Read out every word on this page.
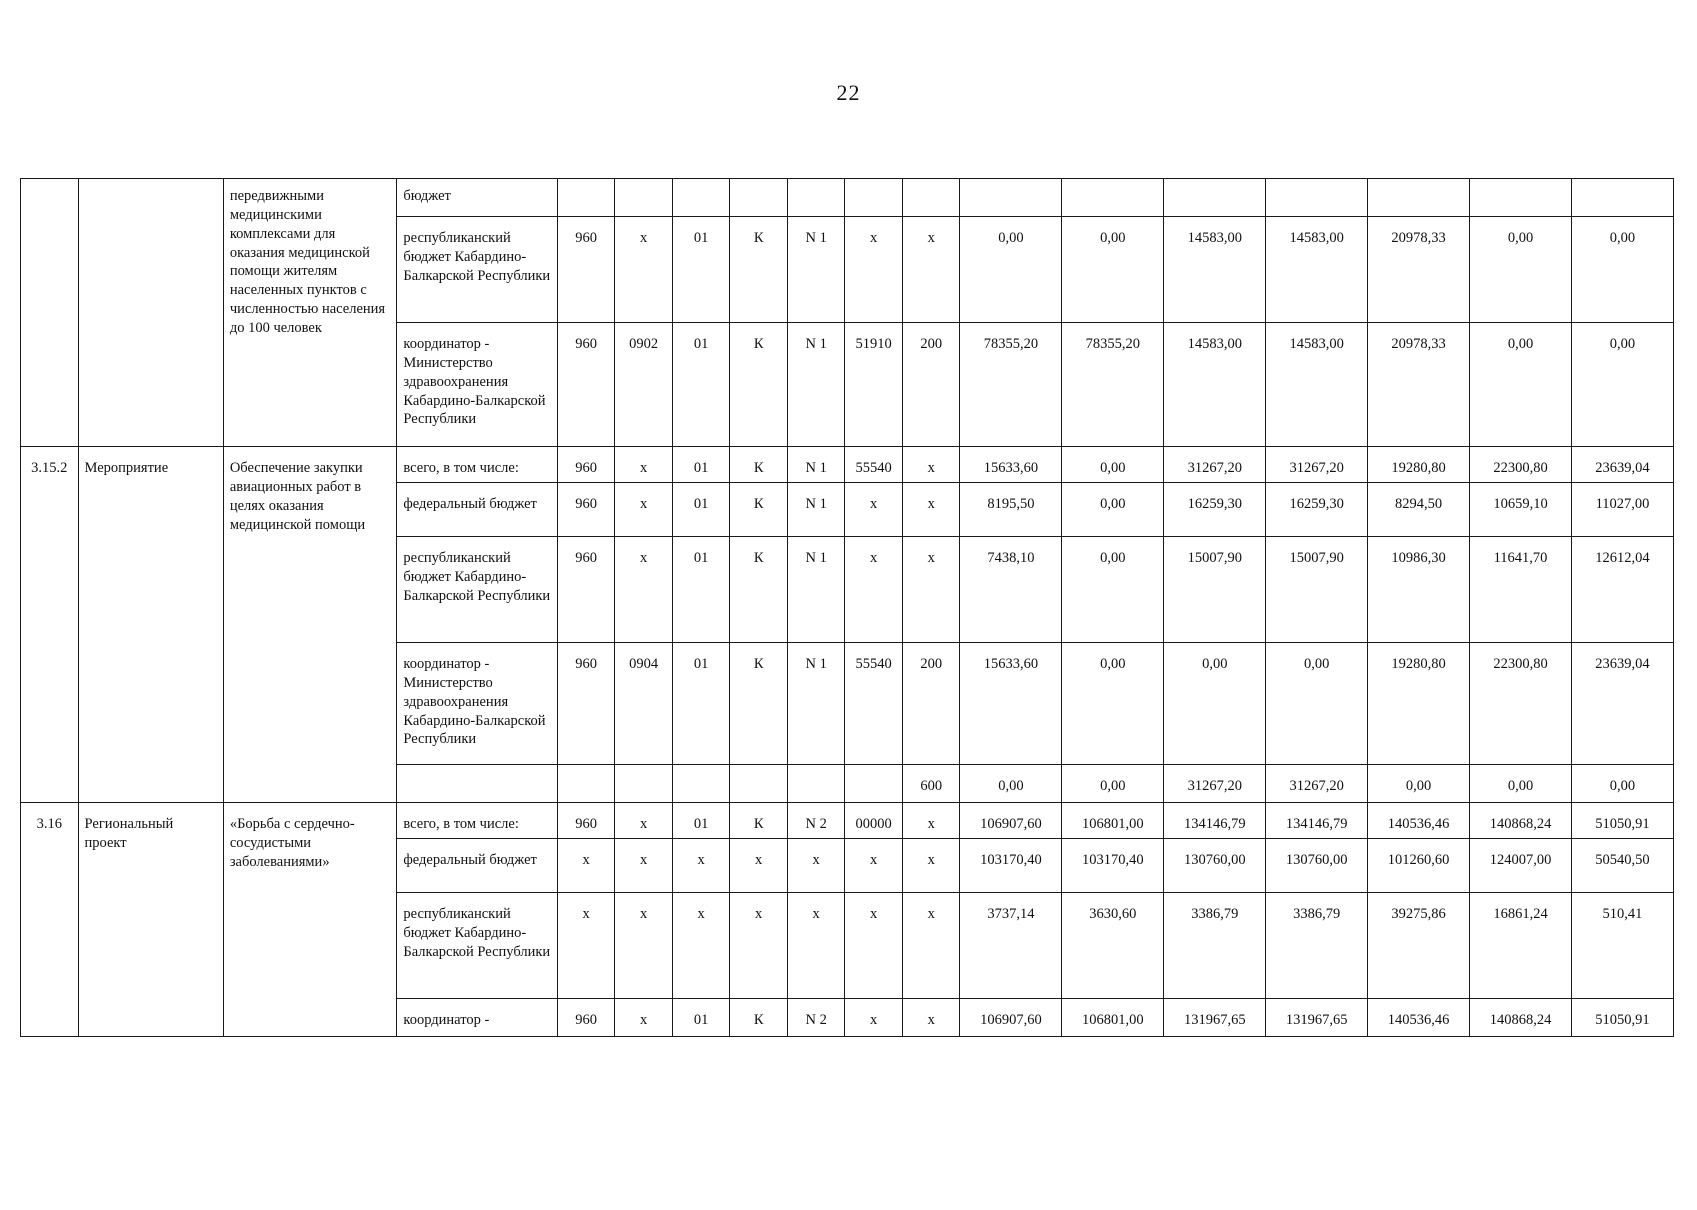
22
		передвижными медицинскими комплексами для оказания медицинской помощи жителям населенных пунктов с численностью населения до 100 человек	бюджет														
			республиканский бюджет Кабардино-Балкарской Республики	960	х	01	К	N 1	х	х	0,00	0,00	14583,00	14583,00	20978,33	0,00	0,00
			координатор - Министерство здравоохранения Кабардино-Балкарской Республики	960	0902	01	К	N 1	51910	200	78355,20	78355,20	14583,00	14583,00	20978,33	0,00	0,00
3.15.2	Мероприятие	Обеспечение закупки авиационных работ в целях оказания медицинской помощи	всего, в том числе:	960	х	01	К	N 1	55540	х	15633,60	0,00	31267,20	31267,20	19280,80	22300,80	23639,04
			федеральный бюджет	960	х	01	К	N 1	х	х	8195,50	0,00	16259,30	16259,30	8294,50	10659,10	11027,00
			республиканский бюджет Кабардино-Балкарской Республики	960	х	01	К	N 1	х	х	7438,10	0,00	15007,90	15007,90	10986,30	11641,70	12612,04
			координатор - Министерство здравоохранения Кабардино-Балкарской Республики	960	0904	01	К	N 1	55540	200	15633,60	0,00	0,00	0,00	19280,80	22300,80	23639,04
										600	0,00	0,00	31267,20	31267,20	0,00	0,00	0,00
3.16	Региональный проект	«Борьба с сердечно-сосудистыми заболеваниями»	всего, в том числе:	960	х	01	К	N 2	00000	х	106907,60	106801,00	134146,79	134146,79	140536,46	140868,24	51050,91
			федеральный бюджет	х	х	х	х	х	х	х	103170,40	103170,40	130760,00	130760,00	101260,60	124007,00	50540,50
			республиканский бюджет Кабардино-Балкарской Республики	х	х	х	х	х	х	х	3737,14	3630,60	3386,79	3386,79	39275,86	16861,24	510,41
			координатор -	960	х	01	К	N 2	х	х	106907,60	106801,00	131967,65	131967,65	140536,46	140868,24	51050,91
